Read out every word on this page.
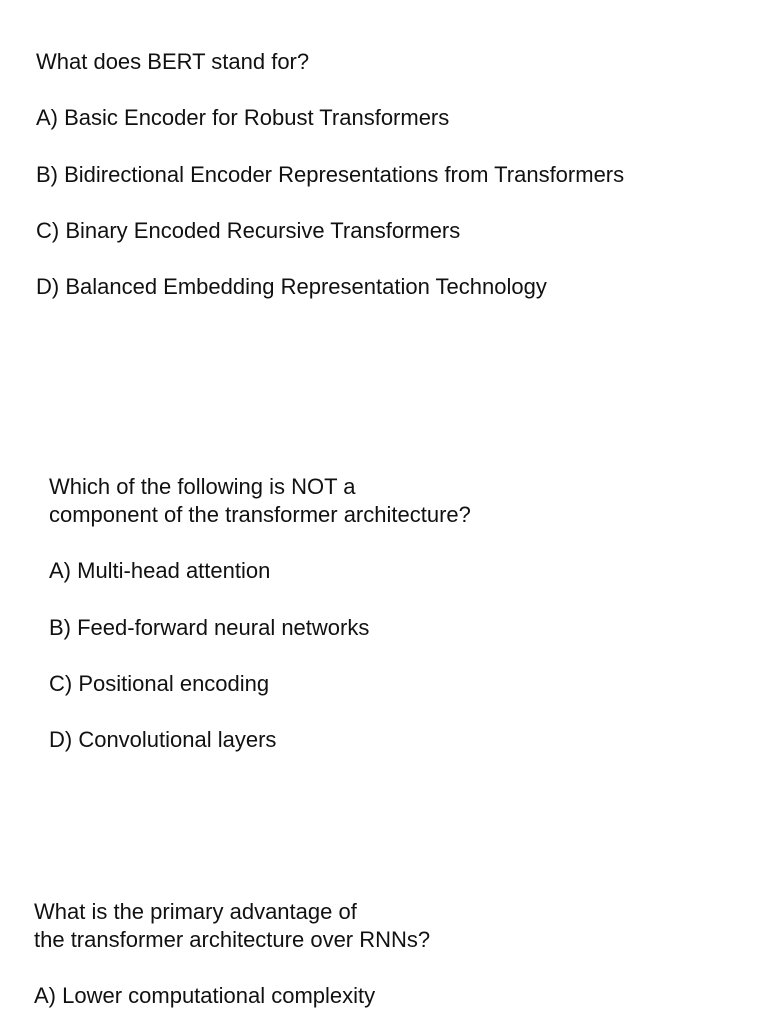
What does BERT stand for?

A) Basic Encoder for Robust Transformers

B) Bidirectional Encoder Representations from Transformers

C) Binary Encoded Recursive Transformers

D) Balanced Embedding Representation Technology

Which of the following is NOT a

component of the transformer architecture?

A) Multi-head attention

B) Feed-forward neural networks

C) Positional encoding

D) Convolutional layers

What is the primary advantage of

the transformer architecture over RNNs?

A) Lower computational complexity
